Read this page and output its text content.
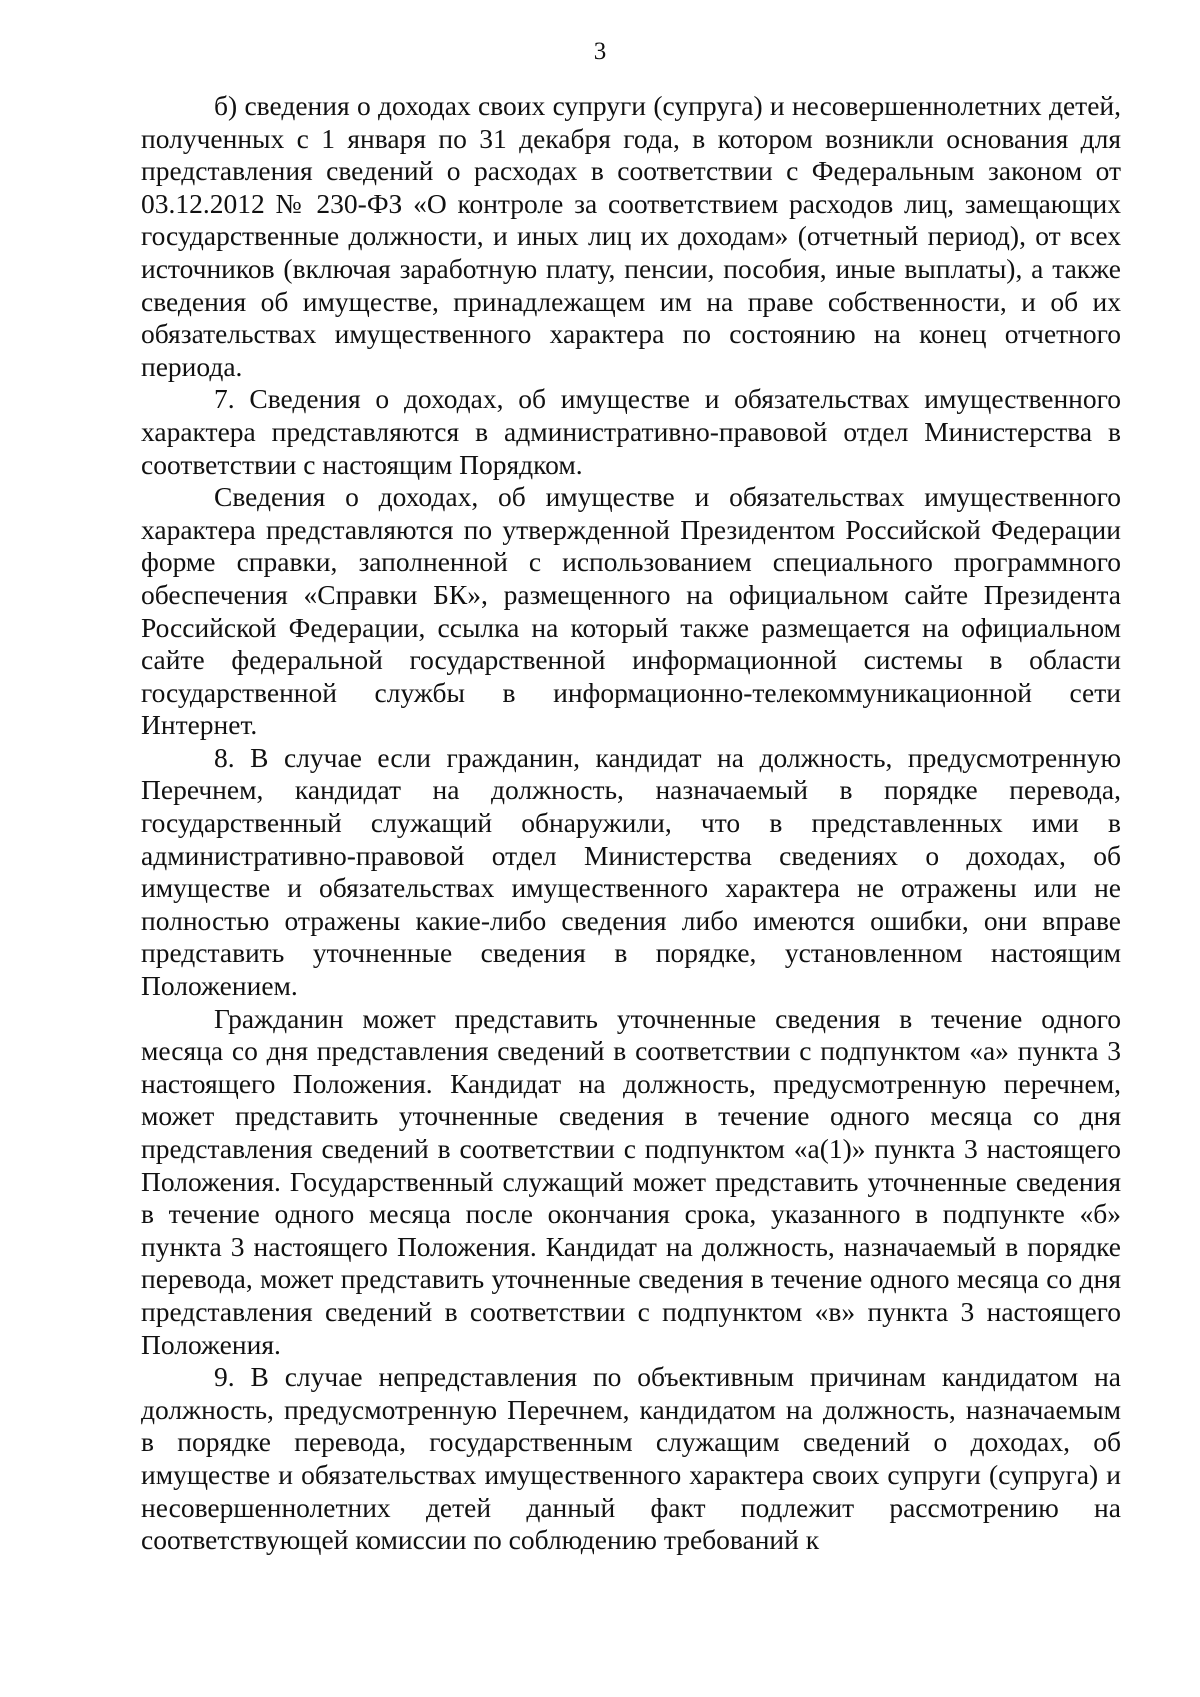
3

б) сведения о доходах своих супруги (супруга) и несовершеннолетних детей, полученных с 1 января по 31 декабря года, в котором возникли основания для представления сведений о расходах в соответствии с Федеральным законом от 03.12.2012 № 230-ФЗ «О контроле за соответствием расходов лиц, замещающих государственные должности, и иных лиц их доходам» (отчетный период), от всех источников (включая заработную плату, пенсии, пособия, иные выплаты), а также сведения об имуществе, принадлежащем им на праве собственности, и об их обязательствах имущественного характера по состоянию на конец отчетного периода.

7. Сведения о доходах, об имуществе и обязательствах имущественного характера представляются в административно-правовой отдел Министерства в соответствии с настоящим Порядком.

Сведения о доходах, об имуществе и обязательствах имущественного характера представляются по утвержденной Президентом Российской Федерации форме справки, заполненной с использованием специального программного обеспечения «Справки БК», размещенного на официальном сайте Президента Российской Федерации, ссылка на который также размещается на официальном сайте федеральной государственной информационной системы в области государственной службы в информационно-телекоммуникационной сети Интернет.

8. В случае если гражданин, кандидат на должность, предусмотренную Перечнем, кандидат на должность, назначаемый в порядке перевода, государственный служащий обнаружили, что в представленных ими в административно-правовой отдел Министерства сведениях о доходах, об имуществе и обязательствах имущественного характера не отражены или не полностью отражены какие-либо сведения либо имеются ошибки, они вправе представить уточненные сведения в порядке, установленном настоящим Положением.

Гражданин может представить уточненные сведения в течение одного месяца со дня представления сведений в соответствии с подпунктом «а» пункта 3 настоящего Положения. Кандидат на должность, предусмотренную перечнем, может представить уточненные сведения в течение одного месяца со дня представления сведений в соответствии с подпунктом «а(1)» пункта 3 настоящего Положения. Государственный служащий может представить уточненные сведения в течение одного месяца после окончания срока, указанного в подпункте «б» пункта 3 настоящего Положения. Кандидат на должность, назначаемый в порядке перевода, может представить уточненные сведения в течение одного месяца со дня представления сведений в соответствии с подпунктом «в» пункта 3 настоящего Положения.

9. В случае непредставления по объективным причинам кандидатом на должность, предусмотренную Перечнем, кандидатом на должность, назначаемым в порядке перевода, государственным служащим сведений о доходах, об имуществе и обязательствах имущественного характера своих супруги (супруга) и несовершеннолетних детей данный факт подлежит рассмотрению на соответствующей комиссии по соблюдению требований к
